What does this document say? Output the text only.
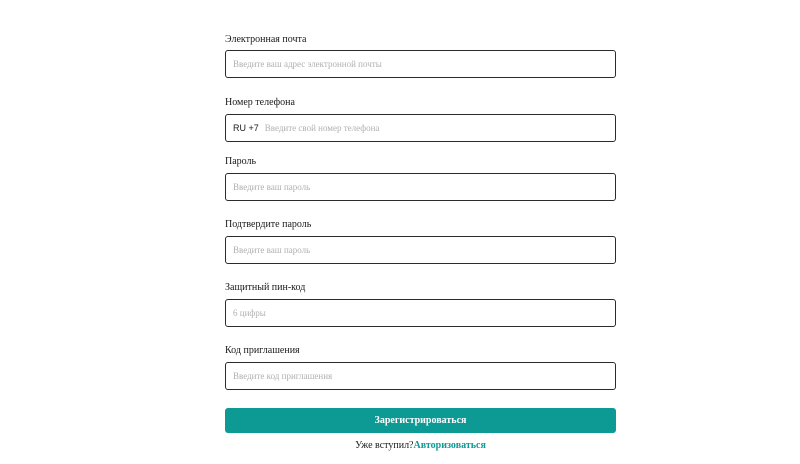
Электронная почта
Введите ваш адрес электронной почты
Номер телефона
RU +7
Введите свой номер телефона
Пароль
Введите ваш пароль
Подтвердите пароль
Введите ваш пароль
Защитный пин-код
6 цифры
Код приглашения
Введите код приглашения
Зарегистрироваться
Уже вступил?Авторизоваться
